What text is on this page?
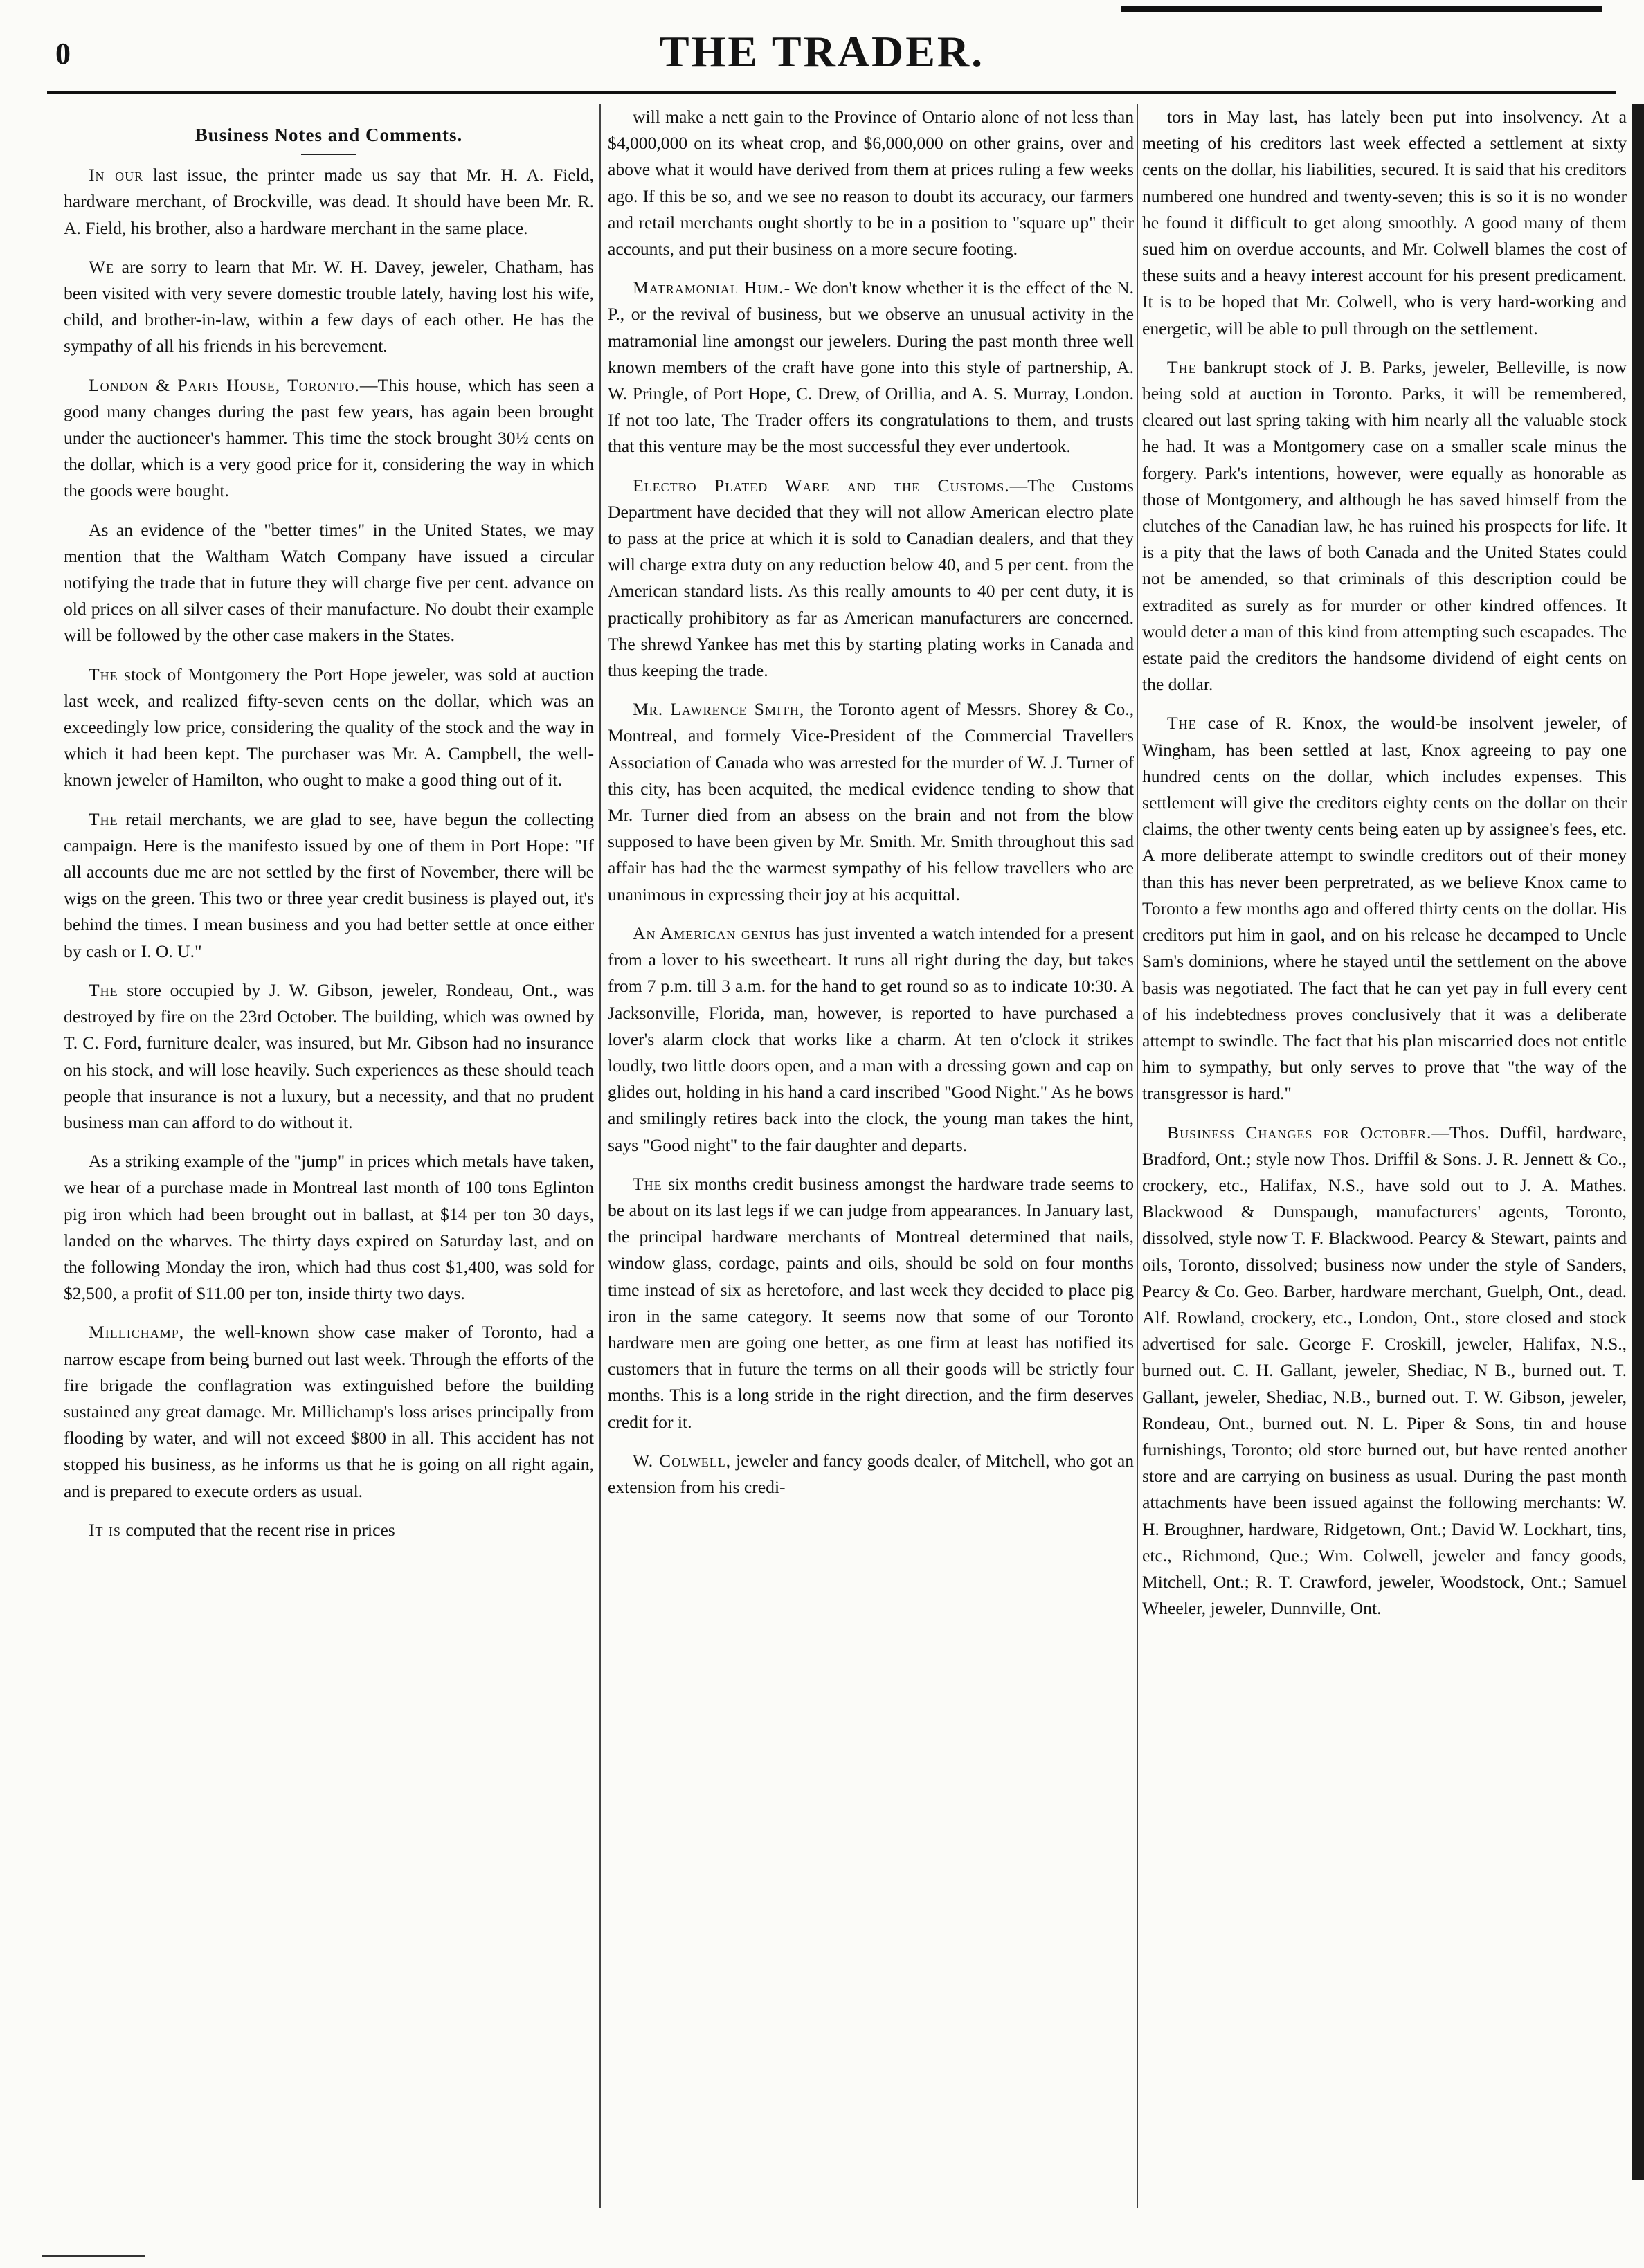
0	THE TRADER.
Business Notes and Comments.

In our last issue, the printer made us say that Mr. H. A. Field, hardware merchant, of Brockville, was dead. It should have been Mr. R. A. Field, his brother, also a hardware merchant in the same place.

We are sorry to learn that Mr. W. H. Davey, jeweler, Chatham, has been visited with very severe domestic trouble lately, having lost his wife, child, and brother-in-law, within a few days of each other. He has the sympathy of all his friends in his berevement.

London & Paris House, Toronto.—This house, which has seen a good many changes during the past few years, has again been brought under the auctioneer's hammer. This time the stock brought 30½ cents on the dollar, which is a very good price for it, considering the way in which the goods were bought.

As an evidence of the "better times" in the United States, we may mention that the Waltham Watch Company have issued a circular notifying the trade that in future they will charge five per cent. advance on old prices on all silver cases of their manufacture. No doubt their example will be followed by the other case makers in the States.

The stock of Montgomery the Port Hope jeweler, was sold at auction last week, and realized fifty-seven cents on the dollar, which was an exceedingly low price, considering the quality of the stock and the way in which it had been kept. The purchaser was Mr. A. Campbell, the well-known jeweler of Hamilton, who ought to make a good thing out of it.

The retail merchants, we are glad to see, have begun the collecting campaign. Here is the manifesto issued by one of them in Port Hope: "If all accounts due me are not settled by the first of November, there will be wigs on the green. This two or three year credit business is played out, it's behind the times. I mean business and you had better settle at once either by cash or I. O. U."

The store occupied by J. W. Gibson, jeweler, Rondeau, Ont., was destroyed by fire on the 23rd October. The building, which was owned by T. C. Ford, furniture dealer, was insured, but Mr. Gibson had no insurance on his stock, and will lose heavily. Such experiences as these should teach people that insurance is not a luxury, but a necessity, and that no prudent business man can afford to do without it.

As a striking example of the "jump" in prices which metals have taken, we hear of a purchase made in Montreal last month of 100 tons Eglinton pig iron which had been brought out in ballast, at $14 per ton 30 days, landed on the wharves. The thirty days expired on Saturday last, and on the following Monday the iron, which had thus cost $1,400, was sold for $2,500, a profit of $11.00 per ton, inside thirty two days.

Millichamp, the well-known show case maker of Toronto, had a narrow escape from being burned out last week. Through the efforts of the fire brigade the conflagration was extinguished before the building sustained any great damage. Mr. Millichamp's loss arises principally from flooding by water, and will not exceed $800 in all. This accident has not stopped his business, as he informs us that he is going on all right again, and is prepared to execute orders as usual.

It is computed that the recent rise in prices

will make a nett gain to the Province of Ontario alone of not less than $4,000,000 on its wheat crop, and $6,000,000 on other grains, over and above what it would have derived from them at prices ruling a few weeks ago. If this be so, and we see no reason to doubt its accuracy, our farmers and retail merchants ought shortly to be in a position to "square up" their accounts, and put their business on a more secure footing.

Matramonial Hum.- We don't know whether it is the effect of the N. P., or the revival of business, but we observe an unusual activity in the matramonial line amongst our jewelers. During the past month three well known members of the craft have gone into this style of partnership, A. W. Pringle, of Port Hope, C. Drew, of Orillia, and A. S. Murray, London. If not too late, The Trader offers its congratulations to them, and trusts that this venture may be the most successful they ever undertook.

Electro Plated Ware and the Customs.—The Customs Department have decided that they will not allow American electro plate to pass at the price at which it is sold to Canadian dealers, and that they will charge extra duty on any reduction below 40, and 5 per cent. from the American standard lists. As this really amounts to 40 per cent duty, it is practically prohibitory as far as American manufacturers are concerned. The shrewd Yankee has met this by starting plating works in Canada and thus keeping the trade.

Mr. Lawrence Smith, the Toronto agent of Messrs. Shorey & Co., Montreal, and formely Vice-President of the Commercial Travellers Association of Canada who was arrested for the murder of W. J. Turner of this city, has been acquited, the medical evidence tending to show that Mr. Turner died from an absess on the brain and not from the blow supposed to have been given by Mr. Smith. Mr. Smith throughout this sad affair has had the the warmest sympathy of his fellow travellers who are unanimous in expressing their joy at his acquittal.

An American genius has just invented a watch intended for a present from a lover to his sweetheart. It runs all right during the day, but takes from 7 p.m. till 3 a.m. for the hand to get round so as to indicate 10:30. A Jacksonville, Florida, man, however, is reported to have purchased a lover's alarm clock that works like a charm. At ten o'clock it strikes loudly, two little doors open, and a man with a dressing gown and cap on glides out, holding in his hand a card inscribed "Good Night." As he bows and smilingly retires back into the clock, the young man takes the hint, says "Good night" to the fair daughter and departs.

The six months credit business amongst the hardware trade seems to be about on its last legs if we can judge from appearances. In January last, the principal hardware merchants of Montreal determined that nails, window glass, cordage, paints and oils, should be sold on four months time instead of six as heretofore, and last week they decided to place pig iron in the same category. It seems now that some of our Toronto hardware men are going one better, as one firm at least has notified its customers that in future the terms on all their goods will be strictly four months. This is a long stride in the right direction, and the firm deserves credit for it.

W. Colwell, jeweler and fancy goods dealer, of Mitchell, who got an extension from his credi-

tors in May last, has lately been put into insolvency. At a meeting of his creditors last week effected a settlement at sixty cents on the dollar, his liabilities, secured. It is said that his creditors numbered one hundred and twenty-seven; this is so it is no wonder he found it difficult to get along smoothly. A good many of them sued him on overdue accounts, and Mr. Colwell blames the cost of these suits and a heavy interest account for his present predicament. It is to be hoped that Mr. Colwell, who is very hard-working and energetic, will be able to pull through on the settlement.

The bankrupt stock of J. B. Parks, jeweler, Belleville, is now being sold at auction in Toronto. Parks, it will be remembered, cleared out last spring taking with him nearly all the valuable stock he had. It was a Montgomery case on a smaller scale minus the forgery. Park's intentions, however, were equally as honorable as those of Montgomery, and although he has saved himself from the clutches of the Canadian law, he has ruined his prospects for life. It is a pity that the laws of both Canada and the United States could not be amended, so that criminals of this description could be extradited as surely as for murder or other kindred offences. It would deter a man of this kind from attempting such escapades. The estate paid the creditors the handsome dividend of eight cents on the dollar.

The case of R. Knox, the would-be insolvent jeweler, of Wingham, has been settled at last, Knox agreeing to pay one hundred cents on the dollar, which includes expenses. This settlement will give the creditors eighty cents on the dollar on their claims, the other twenty cents being eaten up by assignee's fees, etc. A more deliberate attempt to swindle creditors out of their money than this has never been perpretrated, as we believe Knox came to Toronto a few months ago and offered thirty cents on the dollar. His creditors put him in gaol, and on his release he decamped to Uncle Sam's dominions, where he stayed until the settlement on the above basis was negotiated. The fact that he can yet pay in full every cent of his indebtedness proves conclusively that it was a deliberate attempt to swindle. The fact that his plan miscarried does not entitle him to sympathy, but only serves to prove that "the way of the transgressor is hard."

Business Changes for October.—Thos. Duffil, hardware, Bradford, Ont.; style now Thos. Driffil & Sons. J. R. Jennett & Co., crockery, etc., Halifax, N.S., have sold out to J. A. Mathes. Blackwood & Dunspaugh, manufacturers' agents, Toronto, dissolved, style now T. F. Blackwood. Pearcy & Stewart, paints and oils, Toronto, dissolved; business now under the style of Sanders, Pearcy & Co. Geo. Barber, hardware merchant, Guelph, Ont., dead. Alf. Rowland, crockery, etc., London, Ont., store closed and stock advertised for sale. George F. Croskill, jeweler, Halifax, N.S., burned out. C. H. Gallant, jeweler, Shediac, N B., burned out. T. Gallant, jeweler, Shediac, N.B., burned out. T. W. Gibson, jeweler, Rondeau, Ont., burned out. N. L. Piper & Sons, tin and house furnishings, Toronto; old store burned out, but have rented another store and are carrying on business as usual. During the past month attachments have been issued against the following merchants: W. H. Broughner, hardware, Ridgetown, Ont.; David W. Lockhart, tins, etc., Richmond, Que.; Wm. Colwell, jeweler and fancy goods, Mitchell, Ont.; R. T. Crawford, jeweler, Woodstock, Ont.; Samuel Wheeler, jeweler, Dunnville, Ont.
